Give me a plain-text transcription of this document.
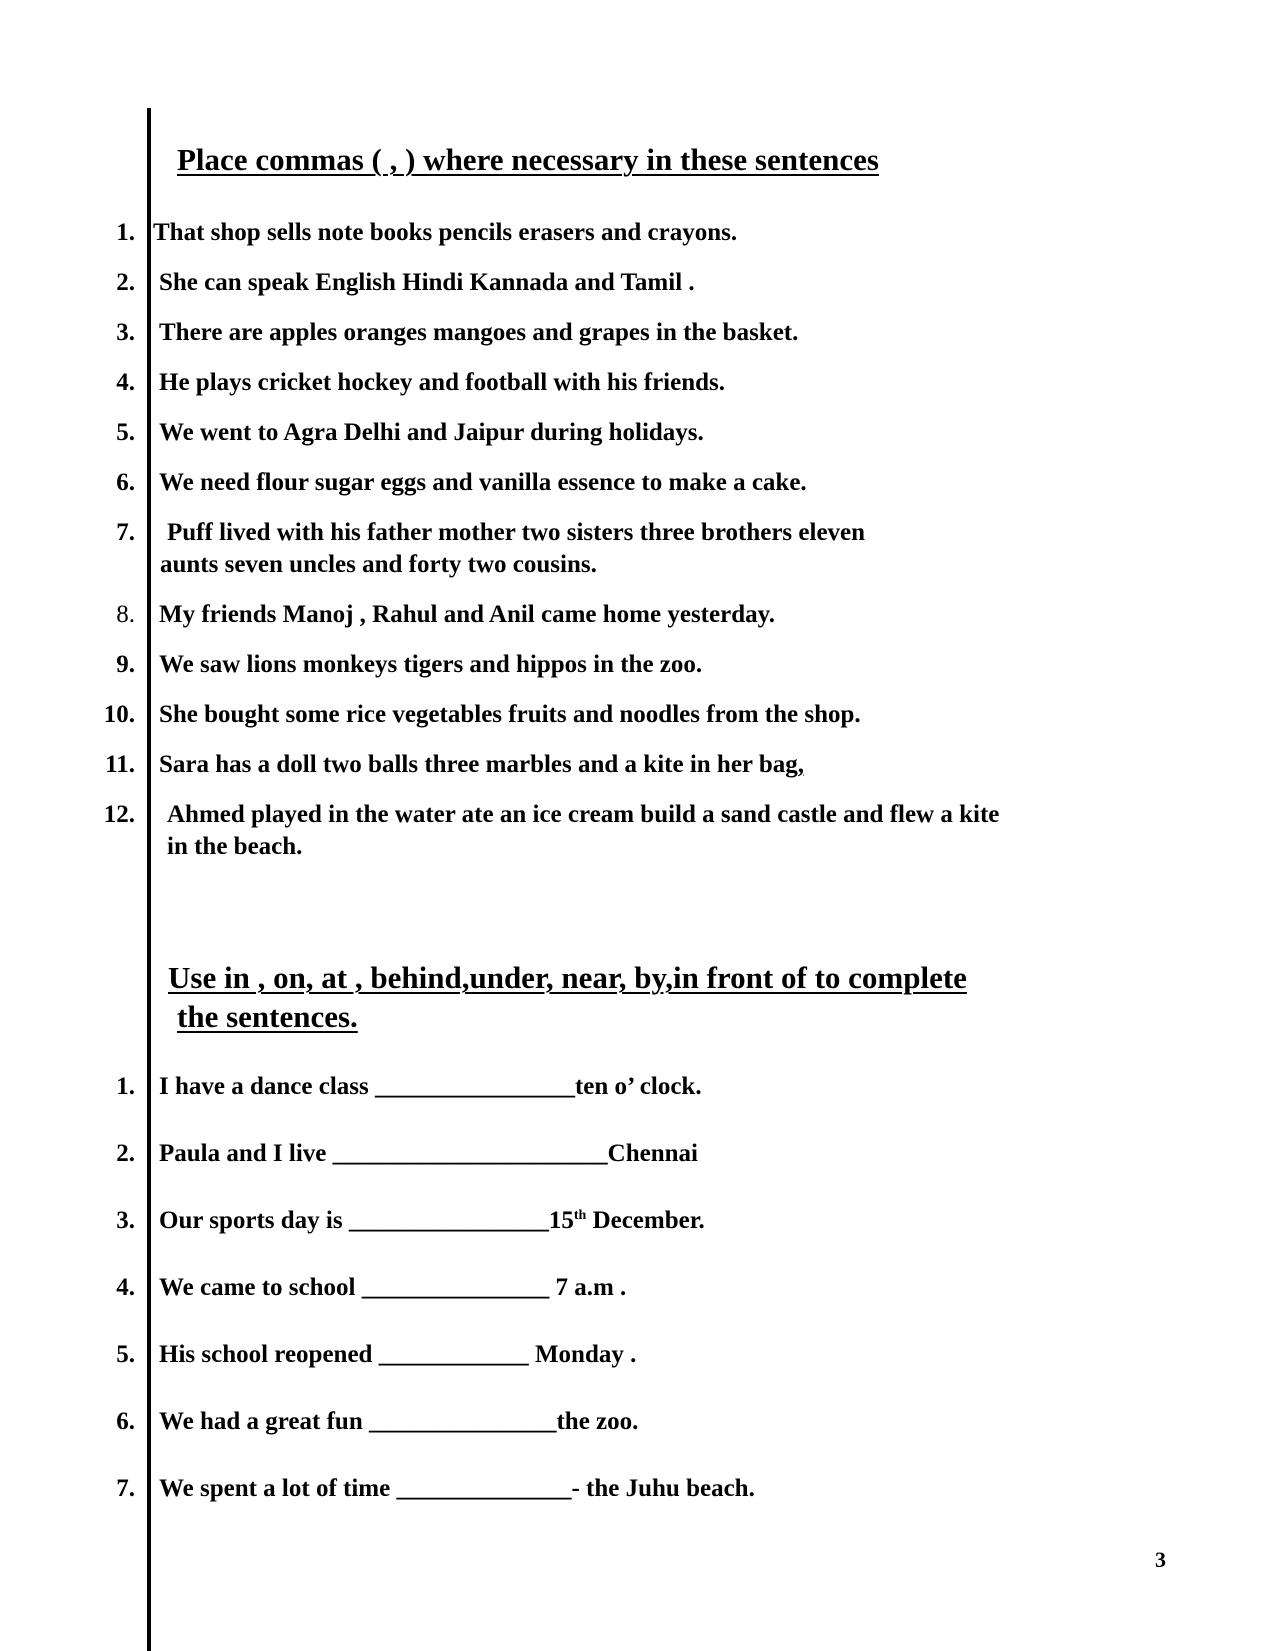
Place commas ( , ) where necessary in these sentences
1. That shop sells note books pencils erasers and crayons.
2. She can speak English Hindi Kannada and Tamil .
3. There are apples oranges mangoes and grapes in the basket.
4. He plays cricket hockey and football with his friends.
5. We went to Agra Delhi and Jaipur during holidays.
6. We need flour sugar eggs and vanilla essence to make a cake.
7. Puff lived with his father mother two sisters three brothers eleven
aunts seven uncles and forty two cousins.
8. My friends Manoj , Rahul and Anil came home yesterday.
9. We saw lions monkeys tigers and hippos in the zoo.
10. She bought some rice vegetables fruits and noodles from the shop.
11. Sara has a doll two balls three marbles and a kite in her bag,
12. Ahmed played in the water ate an ice cream build a sand castle and flew a kite
in the beach.
Use in , on, at , behind,under, near, by,in front of to complete
the sentences.
1. I have a dance class ________________ten o’ clock.
2. Paula and I live ______________________Chennai
3. Our sports day is ________________15th December.
4. We came to school _______________ 7 a.m .
5. His school reopened ____________ Monday .
6. We had a great fun _______________the zoo.
7. We spent a lot of time ______________- the Juhu beach.
3
